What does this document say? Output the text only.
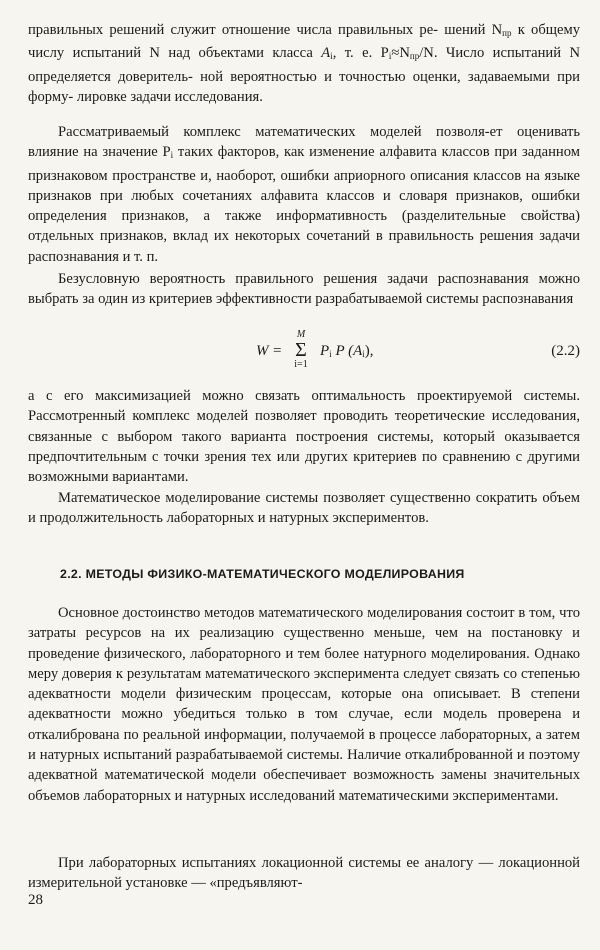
правильных решений служит отношение числа правильных ре- шений $N_{пр}$ к общему числу испытаний N над объектами класса $A_i$, т. е. $P_i\approx N_{пр}/N$. Число испытаний N определяется доверитель- ной вероятностью и точностью оценки, задаваемыми при форму- лировке задачи исследования.

Рассматриваемый комплекс математических моделей позволя-ет оценивать влияние на значение $P_i$ таких факторов, как изменение алфавита классов при заданном признаковом пространстве и, наоборот, ошибки априорного описания классов на языке признаков при любых сочетаниях алфавита классов и словаря признаков, ошибки определения признаков, а также информативность (разделительные свойства) отдельных признаков, вклад их некоторых сочетаний в правильность решения задачи распознавания и т. п.

Безусловную вероятность правильного решения задачи распознавания можно выбрать за один из критериев эффективности разрабатываемой системы распознавания

W =
M
Σ
i=1
$P_i$ P $(A_i)$,	(2.2)

а с его максимизацией можно связать оптимальность проектируемой системы. Рассмотренный комплекс моделей позволяет проводить теоретические исследования, связанные с выбором такого варианта построения системы, который оказывается предпочтительным с точки зрения тех или других критериев по сравнению с другими возможными вариантами.

Математическое моделирование системы позволяет существенно сократить объем и продолжительность лабораторных и натурных экспериментов.

2.2. МЕТОДЫ ФИЗИКО-МАТЕМАТИЧЕСКОГО МОДЕЛИРОВАНИЯ

Основное достоинство методов математического моделирования состоит в том, что затраты ресурсов на их реализацию существенно меньше, чем на постановку и проведение физического, лабораторного и тем более натурного моделирования. Однако меру доверия к результатам математического эксперимента следует связать со степенью адекватности модели физическим процессам, которые она описывает. В степени адекватности можно убедиться только в том случае, если модель проверена и откалибрована по реальной информации, получаемой в процессе лабораторных, а затем и натурных испытаний разрабатываемой системы. Наличие откалиброванной и поэтому адекватной математической модели обеспечивает возможность замены значительных объемов лабораторных и натурных исследований математическими экспериментами.

При лабораторных испытаниях локационной системы ее аналогу — локационной измерительной установке — «предъявляют-

28
